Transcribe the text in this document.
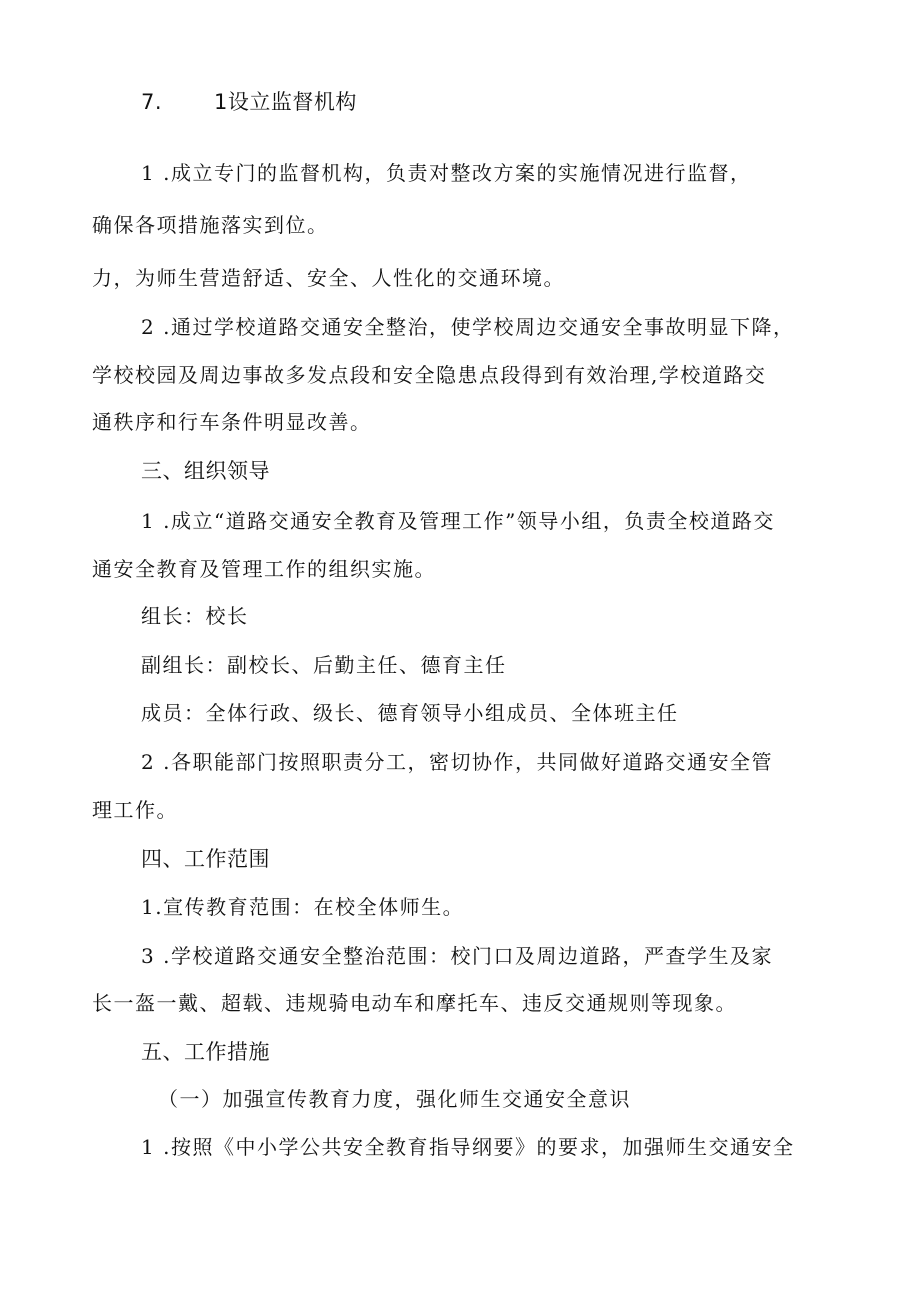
7. 1设立监督机构
1 .成立专门的监督机构，负责对整改方案的实施情况进行监督，
确保各项措施落实到位。
力，为师生营造舒适、安全、人性化的交通环境。
2 .通过学校道路交通安全整治，使学校周边交通安全事故明显下降，
学校校园及周边事故多发点段和安全隐患点段得到有效治理,学校道路交
通秩序和行车条件明显改善。
三、组织领导
1 .成立“道路交通安全教育及管理工作”领导小组，负责全校道路交
通安全教育及管理工作的组织实施。
组长：校长
副组长：副校长、后勤主任、德育主任
成员：全体行政、级长、德育领导小组成员、全体班主任
2 .各职能部门按照职责分工，密切协作，共同做好道路交通安全管
理工作。
四、工作范围
1.宣传教育范围：在校全体师生。
3 .学校道路交通安全整治范围：校门口及周边道路，严查学生及家
长一盔一戴、超载、违规骑电动车和摩托车、违反交通规则等现象。
五、工作措施
（一）加强宣传教育力度，强化师生交通安全意识
1 .按照《中小学公共安全教育指导纲要》的要求，加强师生交通安全
